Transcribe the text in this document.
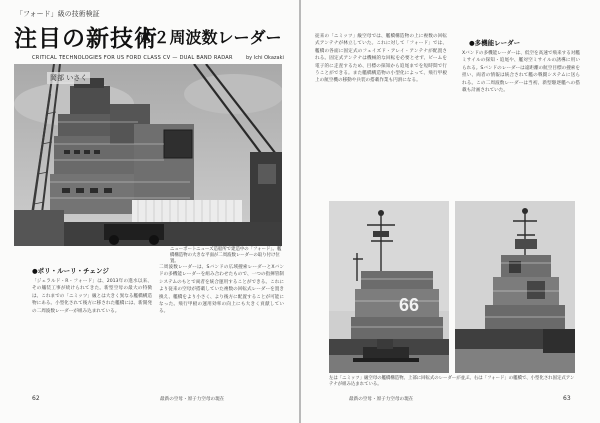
「フォード」級の技術検証
注目の新技術
①２周波数レーダー
CRITICAL TECHNOLOGIES FOR US FORD CLASS CV — DUAL BAND RADAR	by Ichi Okazaki
岡部 いさく
ニューポートニューズ造船所で建造中の「フォード」。艦橋構造物の大きな平面が二周波数レーダーの取り付け位置。
●ポリ・ルーリ・チェンジ
「ジェラルド・R・フォード」は、2013年の進水以来、その艤装工事が続けられてきた。新型空母の最大の特徴は、これまでの「ニミッツ」級とは大きく異なる艦橋構造物にある。小型化されて後方に移された艦橋には、新開発の二周波数レーダーが組み込まれている。
二周波数レーダーは、Sバンドの広域捜索レーダーとXバンドの多機能レーダーを組み合わせたもので、一つの指揮管制システムのもとで両者を統合運用することができる。これにより従来の空母が搭載していた複数の回転式レーダーを置き換え、艦橋をより小さく、より後方に配置することが可能になった。飛行甲板の運用効率の向上にも大きく貢献している。
62	最新の空母・原子力空母の現在
従来の「ニミッツ」級空母では、艦橋構造物の上に複数の回転式アンテナが林立していた。これに対して「フォード」では、艦橋の各面に固定式のフェイズド・アレイ・アンテナが配置される。固定式アンテナは機械的な回転を必要とせず、ビームを電子的に走査するため、目標の探知から追尾までを短時間で行うことができる。また艦橋構造物の小型化によって、飛行甲板上の航空機の移動や兵装の搭載作業も円滑になる。
●多機能レーダー
Xバンドの多機能レーダーは、低空を高速で飛来する対艦ミサイルの探知・追尾や、艦対空ミサイルの誘導に用いられる。Sバンドのレーダーは遠距離の航空目標の捜索を担い、両者の情報は統合されて艦の戦闘システムに送られる。この二周波数レーダーは当初、新型駆逐艦への搭載も計画されていた。
66
左は「ニミッツ」級空母の艦橋構造物。上部に回転式のレーダーが並ぶ。右は「フォード」の艦橋で、小型化され固定式アンテナが組み込まれている。
最新の空母・原子力空母の現在	63
